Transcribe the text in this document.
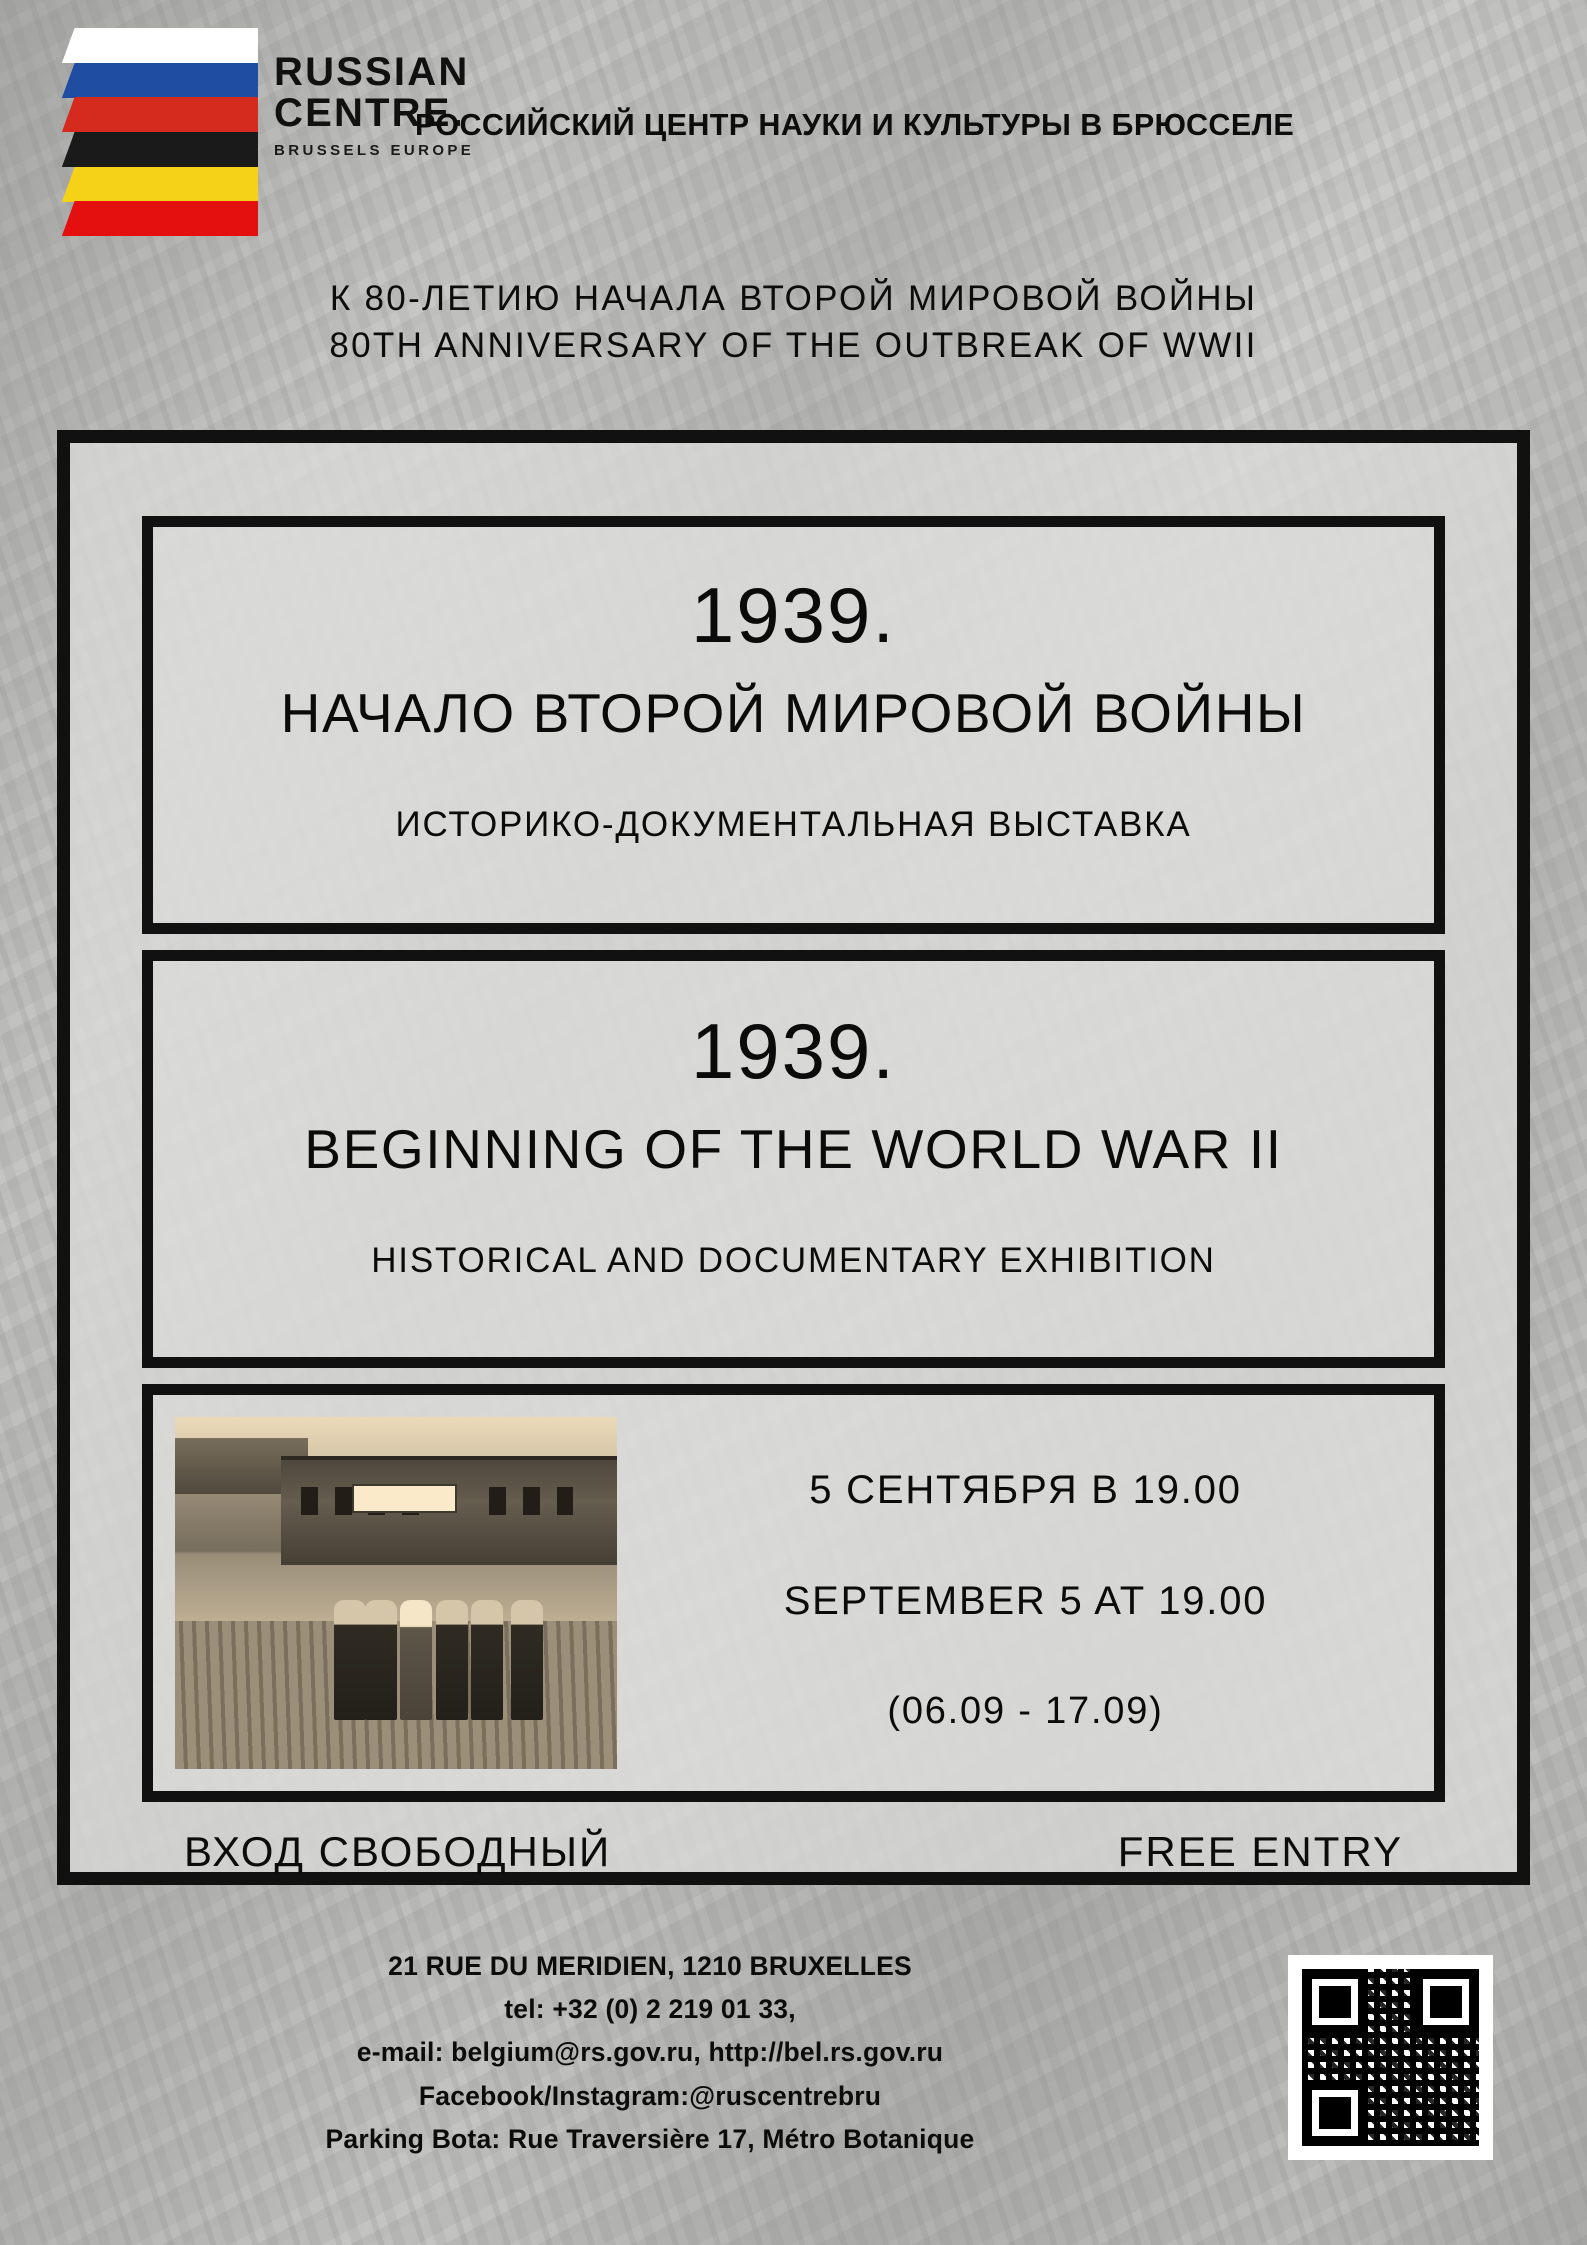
RUSSIAN
CENTRE.
BRUSSELS EUROPE
РОССИЙСКИЙ ЦЕНТР НАУКИ И КУЛЬТУРЫ В БРЮССЕЛЕ
К 80-ЛЕТИЮ НАЧАЛА ВТОРОЙ МИРОВОЙ ВОЙНЫ
80TH ANNIVERSARY OF THE OUTBREAK OF WWII
1939.
НАЧАЛО ВТОРОЙ МИРОВОЙ ВОЙНЫ
ИСТОРИКО-ДОКУМЕНТАЛЬНАЯ ВЫСТАВКА
1939.
BEGINNING OF THE WORLD WAR II
HISTORICAL AND DOCUMENTARY EXHIBITION
5 СЕНТЯБРЯ В 19.00
SEPTEMBER 5 AT 19.00
(06.09 - 17.09)
ВХОД СВОБОДНЫЙ	FREE ENTRY
21 RUE DU MERIDIEN, 1210 BRUXELLES
tel: +32 (0) 2 219 01 33,
e-mail: belgium@rs.gov.ru, http://bel.rs.gov.ru
Facebook/Instagram:@ruscentrebru
Parking Bota: Rue Traversière 17, Métro Botanique
